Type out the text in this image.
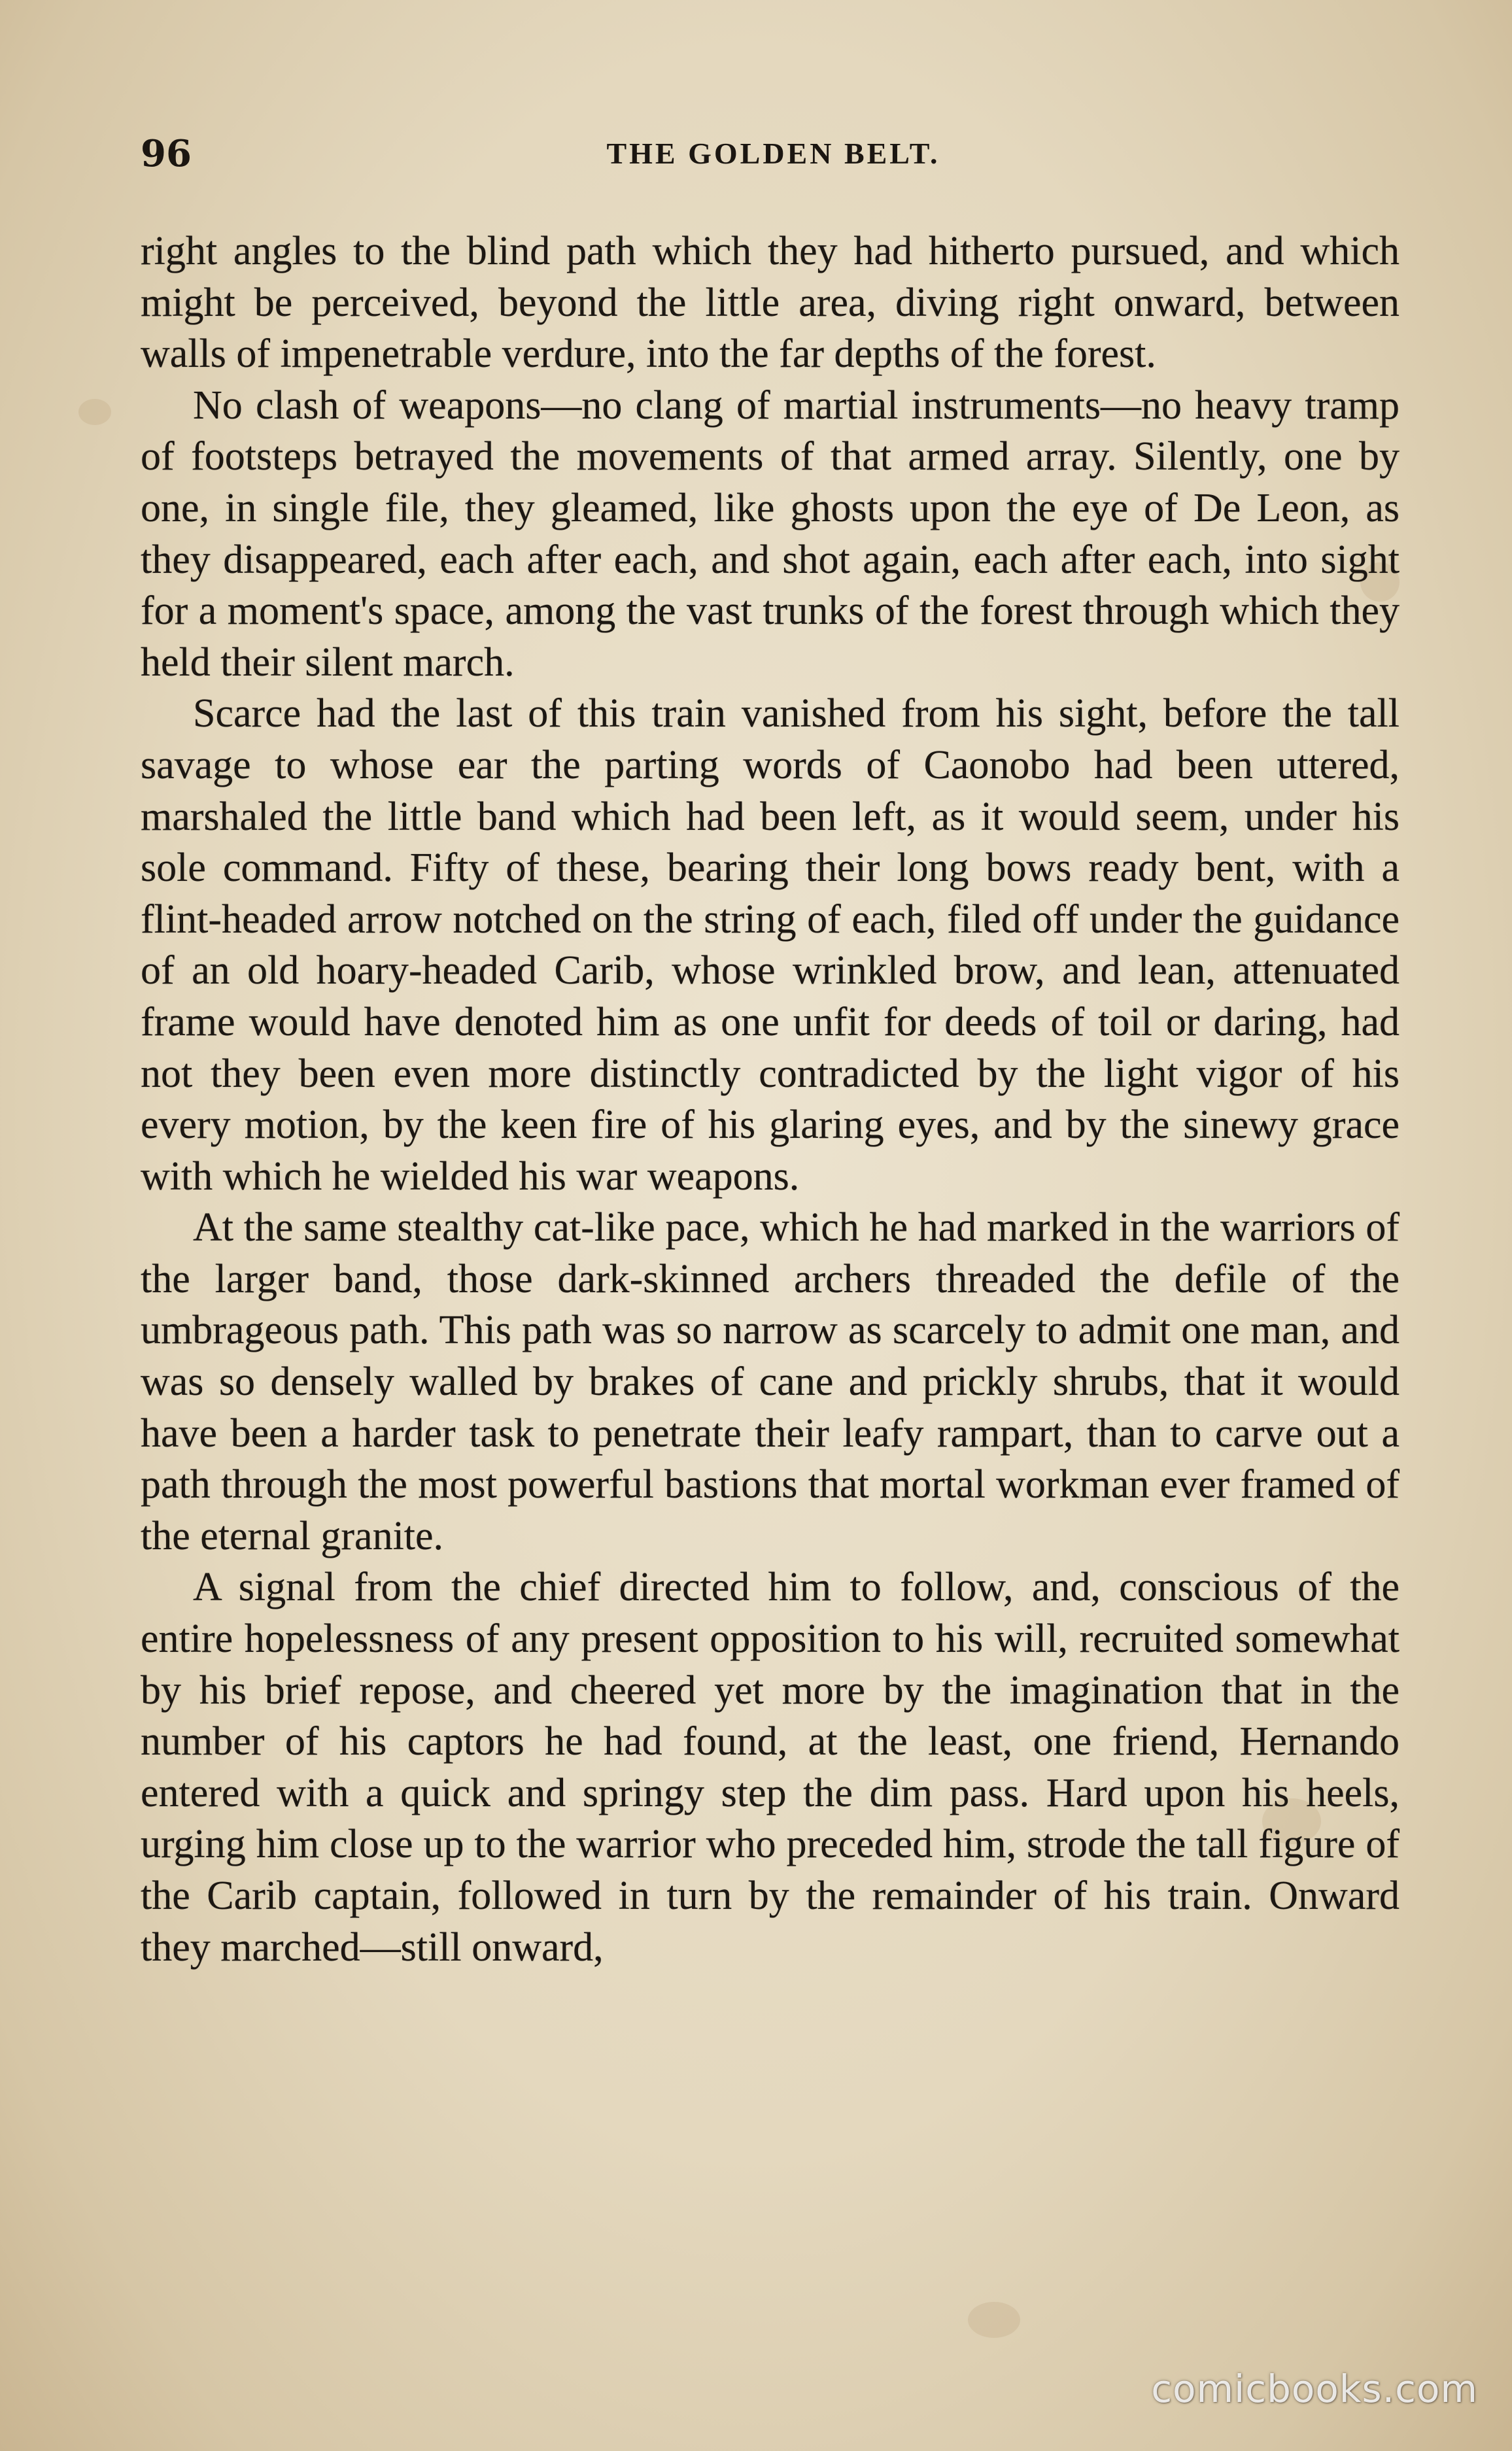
96	THE GOLDEN BELT.

right angles to the blind path which they had hitherto pursued, and which might be perceived, beyond the little area, diving right onward, between walls of impenetrable verdure, into the far depths of the forest.

No clash of weapons—no clang of martial instruments—no heavy tramp of footsteps betrayed the movements of that armed array. Silently, one by one, in single file, they gleamed, like ghosts upon the eye of De Leon, as they disappeared, each after each, and shot again, each after each, into sight for a moment's space, among the vast trunks of the forest through which they held their silent march.

Scarce had the last of this train vanished from his sight, before the tall savage to whose ear the parting words of Caonobo had been uttered, marshaled the little band which had been left, as it would seem, under his sole command. Fifty of these, bearing their long bows ready bent, with a flint-headed arrow notched on the string of each, filed off under the guidance of an old hoary-headed Carib, whose wrinkled brow, and lean, attenuated frame would have denoted him as one unfit for deeds of toil or daring, had not they been even more distinctly contradicted by the light vigor of his every motion, by the keen fire of his glaring eyes, and by the sinewy grace with which he wielded his war weapons.

At the same stealthy cat-like pace, which he had marked in the warriors of the larger band, those dark-skinned archers threaded the defile of the umbrageous path. This path was so narrow as scarcely to admit one man, and was so densely walled by brakes of cane and prickly shrubs, that it would have been a harder task to penetrate their leafy rampart, than to carve out a path through the most powerful bastions that mortal workman ever framed of the eternal granite.

A signal from the chief directed him to follow, and, conscious of the entire hopelessness of any present opposition to his will, recruited somewhat by his brief repose, and cheered yet more by the imagination that in the number of his captors he had found, at the least, one friend, Hernando entered with a quick and springy step the dim pass. Hard upon his heels, urging him close up to the warrior who preceded him, strode the tall figure of the Carib captain, followed in turn by the remainder of his train. Onward they marched—still onward,

comicbooks.com
